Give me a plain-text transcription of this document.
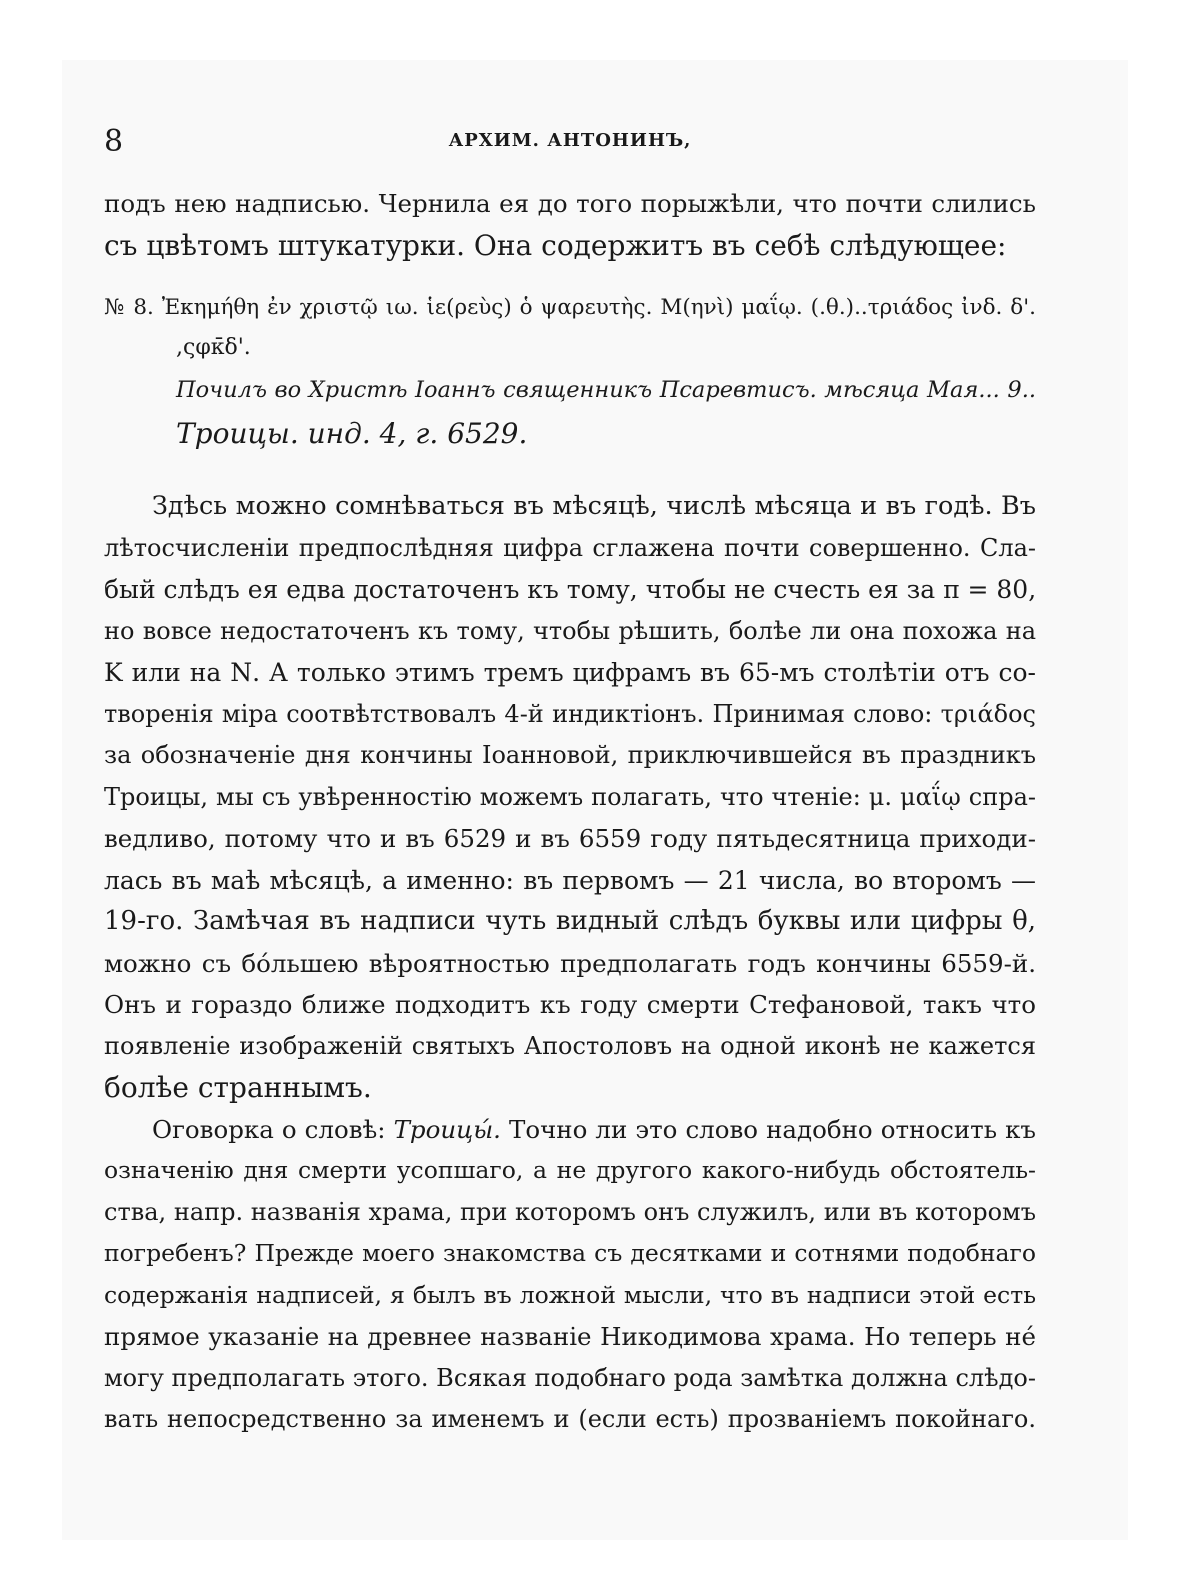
8	АРХИМ. АНТОНИНЪ,
подъ нею надписью. Чернила ея до того порыжѣли, что почти слились
съ цвѣтомъ штукатурки. Она содержитъ въ себѣ слѣдующее:
№ 8. Ἐκημήθη ἐν χριστῷ ιω. ἱε(ρεὺς) ὁ ψαρευτὴς. Μ(ηνὶ) μαΐῳ. (.θ.)..τριάδος ἰνδ. δ'.
,ςφκ̄δ'.
Почилъ во Христѣ Іоаннъ священникъ Псаревтисъ. мѣсяца Мая... 9..
Троицы. инд. 4, г. 6529.
Здѣсь можно сомнѣваться въ мѣсяцѣ, числѣ мѣсяца и въ годѣ. Въ
лѣтосчисленіи предпослѣдняя цифра сглажена почти совершенно. Сла-
бый слѣдъ ея едва достаточенъ къ тому, чтобы не счесть ея за π = 80,
но вовсе недостаточенъ къ тому, чтобы рѣшить, болѣе ли она похожа на
Κ или на Ν. А только этимъ тремъ цифрамъ въ 65-мъ столѣтіи отъ со-
творенія міра соотвѣтствовалъ 4-й индиктіонъ. Принимая слово: τριάδος
за обозначеніе дня кончины Іоанновой, приключившейся въ праздникъ
Троицы, мы съ увѣренностію можемъ полагать, что чтеніе: μ. μαΐῳ спра-
ведливо, потому что и въ 6529 и въ 6559 году пятьдесятница приходи-
лась въ маѣ мѣсяцѣ, а именно: въ первомъ — 21 числа, во второмъ —
19-го. Замѣчая въ надписи чуть видный слѣдъ буквы или цифры θ,
можно съ бо́льшею вѣроятностью предполагать годъ кончины 6559-й.
Онъ и гораздо ближе подходитъ къ году смерти Стефановой, такъ что
появленіе изображеній святыхъ Апостоловъ на одной иконѣ не кажется
болѣе страннымъ.
Оговорка о словѣ: Троицы́. Точно ли это слово надобно относить къ
означенію дня смерти усопшаго, а не другого какого-нибудь обстоятель-
ства, напр. названія храма, при которомъ онъ служилъ, или въ которомъ
погребенъ? Прежде моего знакомства съ десятками и сотнями подобнаго
содержанія надписей, я былъ въ ложной мысли, что въ надписи этой есть
прямое указаніе на древнее названіе Никодимова храма. Но теперь не́
могу предполагать этого. Всякая подобнаго рода замѣтка должна слѣдо-
вать непосредственно за именемъ и (если есть) прозваніемъ покойнаго.
